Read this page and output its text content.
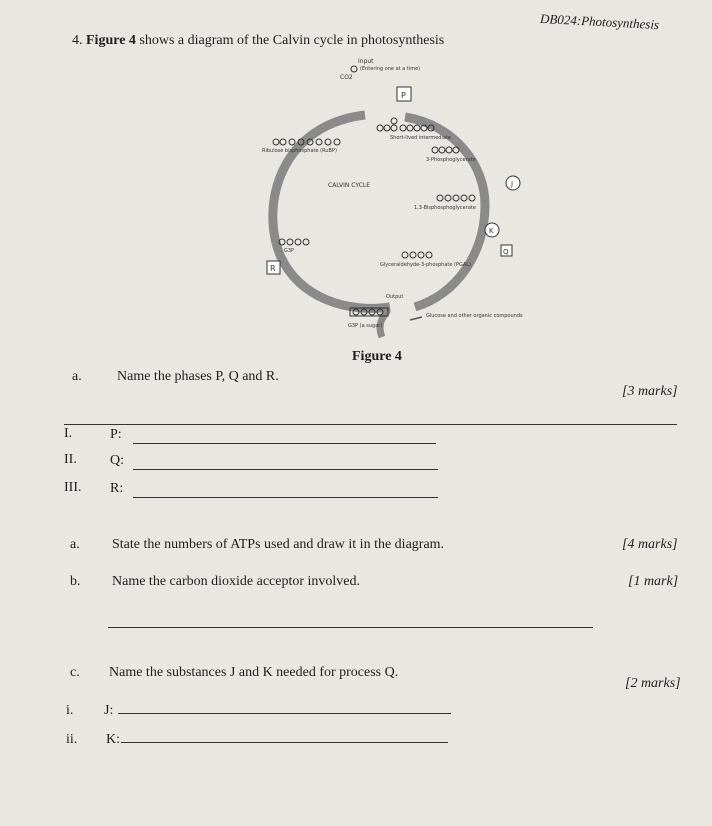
DB024:Photosynthesis
4. Figure 4 shows a diagram of the Calvin cycle in photosynthesis
Input
CO2
(Entering one at a time)
P
Short-lived intermediate
Ribulose bisphosphate (RuBP)
3-Phosphoglycerate
CALVIN CYCLE	J
1,3-Bisphosphoglycerate
K
Q
G3P
Glyceraldehyde-3-phosphate (PGAL)
R
Output
G3P (a sugar)
Glucose and other organic compounds
Figure 4
a.	Name the phases P, Q and R.
[3 marks]
I.	P:
II. Q:
III. R:
a. State the numbers of ATPs used and draw it in the diagram.	[4 marks]
b. Name the carbon dioxide acceptor involved.	[1 mark]
c. Name the substances J and K needed for process Q.
[2 marks]
i. J:
ii. K:
